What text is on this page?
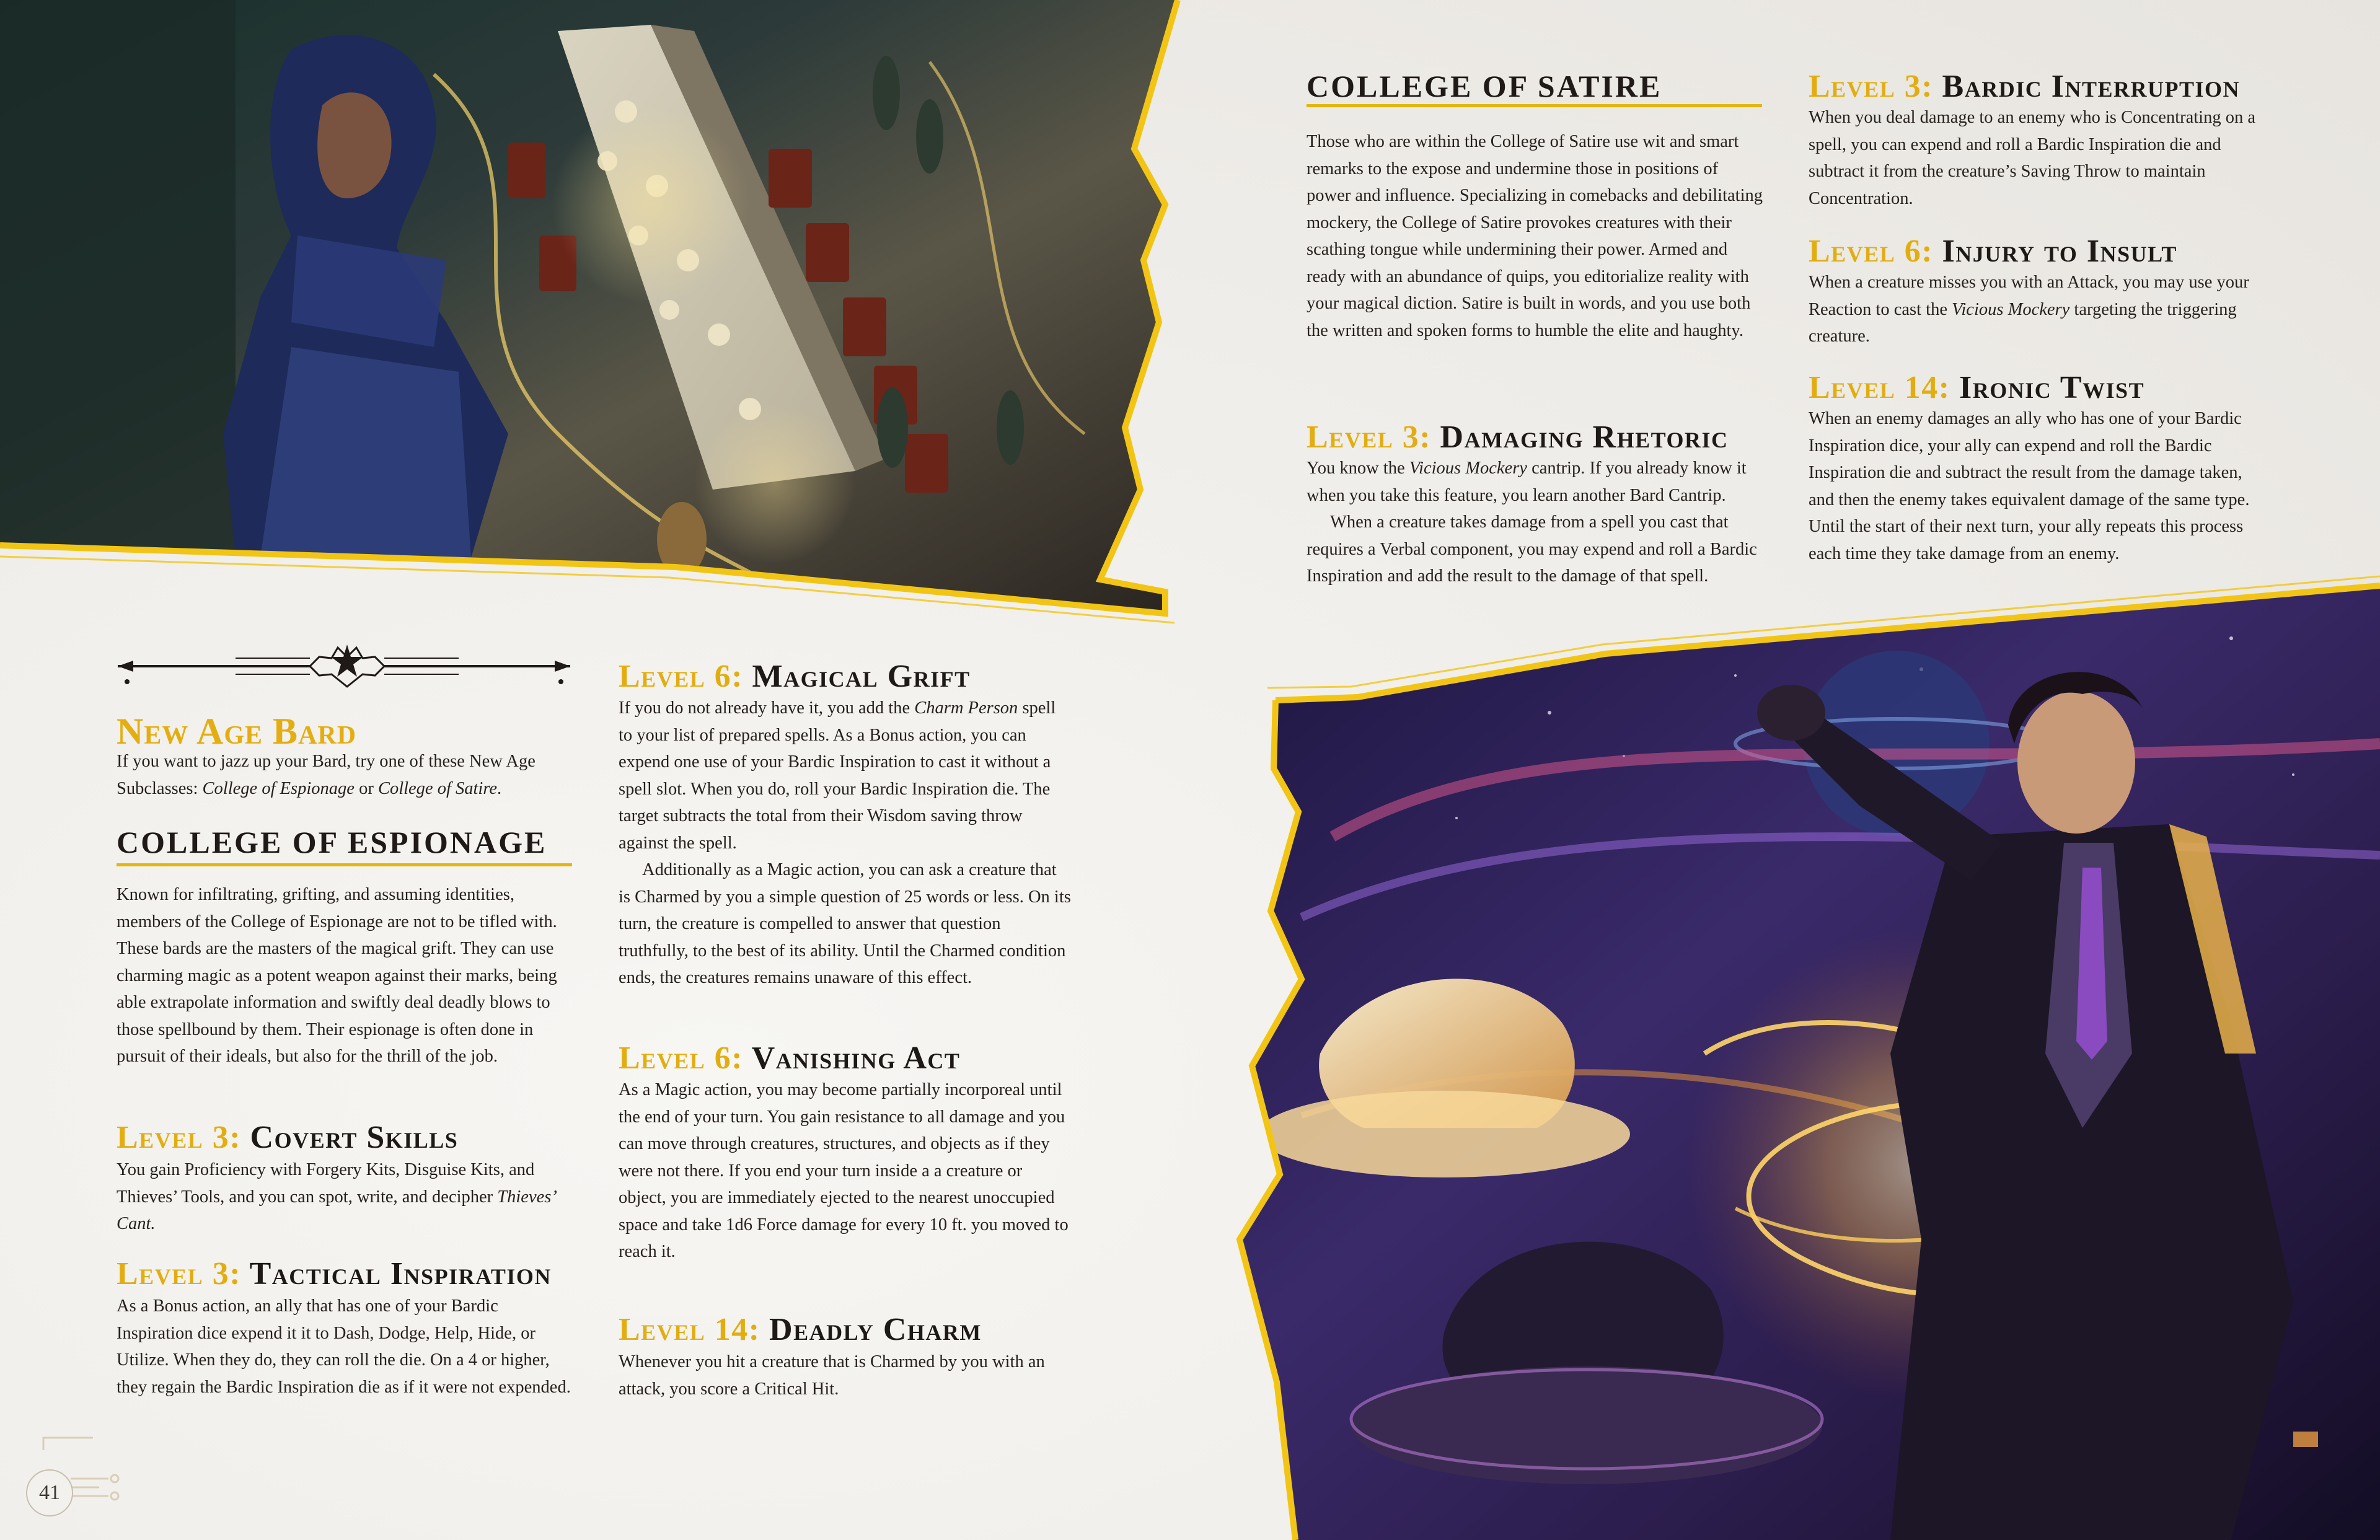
New Age Bard

If you want to jazz up your Bard, try one of these New Age Subclasses: College of Espionage or College of Satire.

COLLEGE OF ESPIONAGE

Known for infiltrating, grifting, and assuming identities, members of the College of Espionage are not to be tifled with. These bards are the masters of the magical grift. They can use charming magic as a potent weapon against their marks, being able extrapolate information and swiftly deal deadly blows to those spellbound by them. Their espionage is often done in pursuit of their ideals, but also for the thrill of the job.

Level 3: Covert Skills

You gain Proficiency with Forgery Kits, Disguise Kits, and Thieves’ Tools, and you can spot, write, and decipher Thieves’ Cant.

Level 3: Tactical Inspiration

As a Bonus action, an ally that has one of your Bardic Inspiration dice expend it it to Dash, Dodge, Help, Hide, or Utilize. When they do, they can roll the die. On a 4 or higher, they regain the Bardic Inspiration die as if it were not expended.

Level 6: Magical Grift

If you do not already have it, you add the Charm Person spell to your list of prepared spells. As a Bonus action, you can expend one use of your Bardic Inspiration to cast it without a spell slot. When you do, roll your Bardic Inspiration die. The target subtracts the total from their Wisdom saving throw against the spell.

Additionally as a Magic action, you can ask a creature that is Charmed by you a simple question of 25 words or less. On its turn, the creature is compelled to answer that question truthfully, to the best of its ability. Until the Charmed condition ends, the creatures remains unaware of this effect.

Level 6: Vanishing Act

As a Magic action, you may become partially incorporeal until the end of your turn. You gain resistance to all damage and you can move through creatures, structures, and objects as if they were not there. If you end your turn inside a a creature or object, you are immediately ejected to the nearest unoccupied space and take 1d6 Force damage for every 10 ft. you moved to reach it.

Level 14: Deadly Charm

Whenever you hit a creature that is Charmed by you with an attack, you score a Critical Hit.

COLLEGE OF SATIRE

Those who are within the College of Satire use wit and smart remarks to the expose and undermine those in positions of power and influence. Specializing in comebacks and debilitating mockery, the College of Satire provokes creatures with their scathing tongue while undermining their power. Armed and ready with an abundance of quips, you editorialize reality with your magical diction. Satire is built in words, and you use both the written and spoken forms to humble the elite and haughty.

Level 3: Damaging Rhetoric

You know the Vicious Mockery cantrip. If you already know it when you take this feature, you learn another Bard Cantrip.

When a creature takes damage from a spell you cast that requires a Verbal component, you may expend and roll a Bardic Inspiration and add the result to the damage of that spell.

Level 3: Bardic Interruption

When you deal damage to an enemy who is Concentrating on a spell, you can expend and roll a Bardic Inspiration die and subtract it from the creature’s Saving Throw to maintain Concentration.

Level 6: Injury to Insult

When a creature misses you with an Attack, you may use your Reaction to cast the Vicious Mockery targeting the triggering creature.

Level 14: Ironic Twist

When an enemy damages an ally who has one of your Bardic Inspiration dice, your ally can expend and roll the Bardic Inspiration die and subtract the result from the damage taken, and then the enemy takes equivalent damage of the same type. Until the start of their next turn, your ally repeats this process each time they take damage from an enemy.

41
